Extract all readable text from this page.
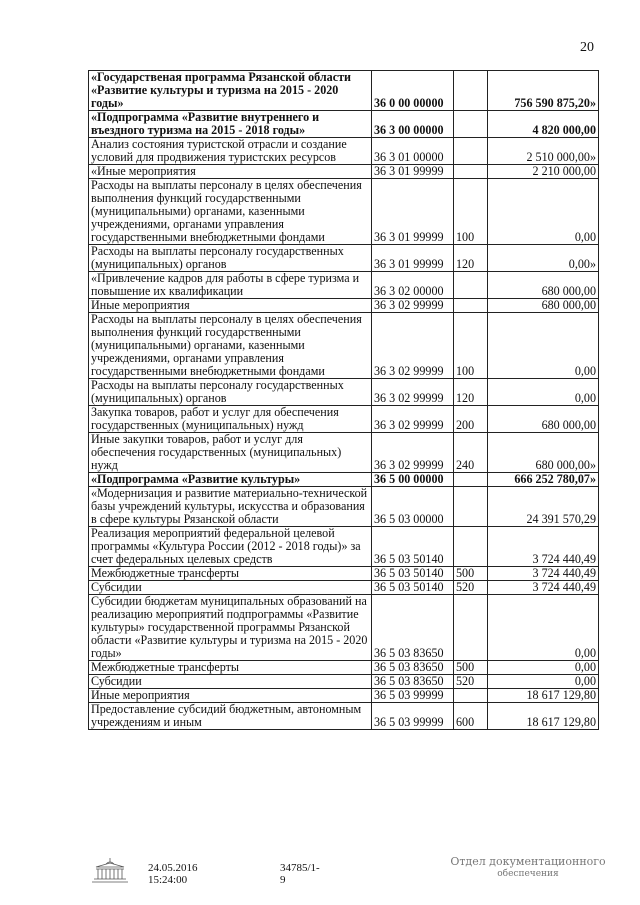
20
«Государственая программа Рязанской области «Развитие культуры и туризма на 2015 - 2020 годы»	36 0 00 00000		756 590 875,20»
«Подпрограмма «Развитие внутреннего и въездного туризма на 2015 - 2018 годы»	36 3 00 00000		4 820 000,00
Анализ состояния туристской отрасли и создание условий для продвижения туристских ресурсов	36 3 01 00000		2 510 000,00»
«Иные мероприятия	36 3 01 99999		2 210 000,00
Расходы на выплаты персоналу в целях обеспечения выполнения функций государственными (муниципальными) органами, казенными учреждениями, органами управления государственными внебюджетными фондами	36 3 01 99999	100	0,00
Расходы на выплаты персоналу государственных (муниципальных) органов	36 3 01 99999	120	0,00»
«Привлечение кадров для работы в сфере туризма и повышение их квалификации	36 3 02 00000		680 000,00
Иные мероприятия	36 3 02 99999		680 000,00
Расходы на выплаты персоналу в целях обеспечения выполнения функций государственными (муниципальными) органами, казенными учреждениями, органами управления государственными внебюджетными фондами	36 3 02 99999	100	0,00
Расходы на выплаты персоналу государственных (муниципальных) органов	36 3 02 99999	120	0,00
Закупка товаров, работ и услуг для обеспечения государственных (муниципальных) нужд	36 3 02 99999	200	680 000,00
Иные закупки товаров, работ и услуг для обеспечения государственных (муниципальных) нужд	36 3 02 99999	240	680 000,00»
«Подпрограмма «Развитие культуры»	36 5 00 00000		666 252 780,07»
«Модернизация и развитие материально-технической базы учреждений культуры, искусства и образования в сфере культуры Рязанской области	36 5 03 00000		24 391 570,29
Реализация мероприятий федеральной целевой программы «Культура России (2012 - 2018 годы)» за счет федеральных целевых средств	36 5 03 50140		3 724 440,49
Межбюджетные трансферты	36 5 03 50140	500	3 724 440,49
Субсидии	36 5 03 50140	520	3 724 440,49
Субсидии бюджетам муниципальных образований на реализацию мероприятий подпрограммы «Развитие культуры» государственной программы Рязанской области «Развитие культуры и туризма на 2015 - 2020 годы»	36 5 03 83650		0,00
Межбюджетные трансферты	36 5 03 83650	500	0,00
Субсидии	36 5 03 83650	520	0,00
Иные мероприятия	36 5 03 99999		18 617 129,80
Предоставление субсидий бюджетным, автономным учреждениям и иным	36 5 03 99999	600	18 617 129,80
24.05.2016 15:24:00
34785/1-9
Отдел документационного
обеспечения
